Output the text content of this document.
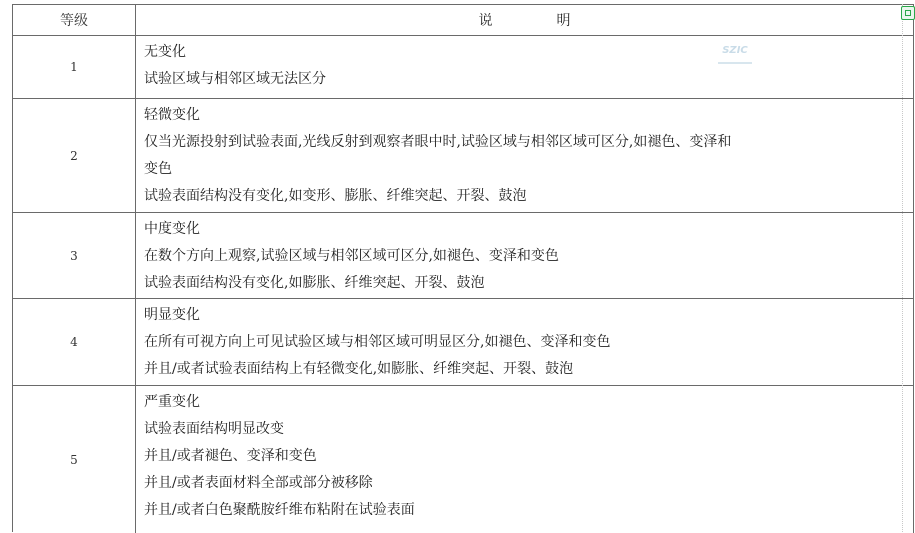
等级	说	明
1
无变化
试验区域与相邻区域无法区分
2
轻微变化
仅当光源投射到试验表面,光线反射到观察者眼中时,试验区域与相邻区域可区分,如褪色、变泽和
变色
试验表面结构没有变化,如变形、膨胀、纤维突起、开裂、鼓泡
3
中度变化
在数个方向上观察,试验区域与相邻区域可区分,如褪色、变泽和变色
试验表面结构没有变化,如膨胀、纤维突起、开裂、鼓泡
4
明显变化
在所有可视方向上可见试验区域与相邻区域可明显区分,如褪色、变泽和变色
并且/或者试验表面结构上有轻微变化,如膨胀、纤维突起、开裂、鼓泡
5
严重变化
试验表面结构明显改变
并且/或者褪色、变泽和变色
并且/或者表面材料全部或部分被移除
并且/或者白色聚酰胺纤维布粘附在试验表面
SZIC
